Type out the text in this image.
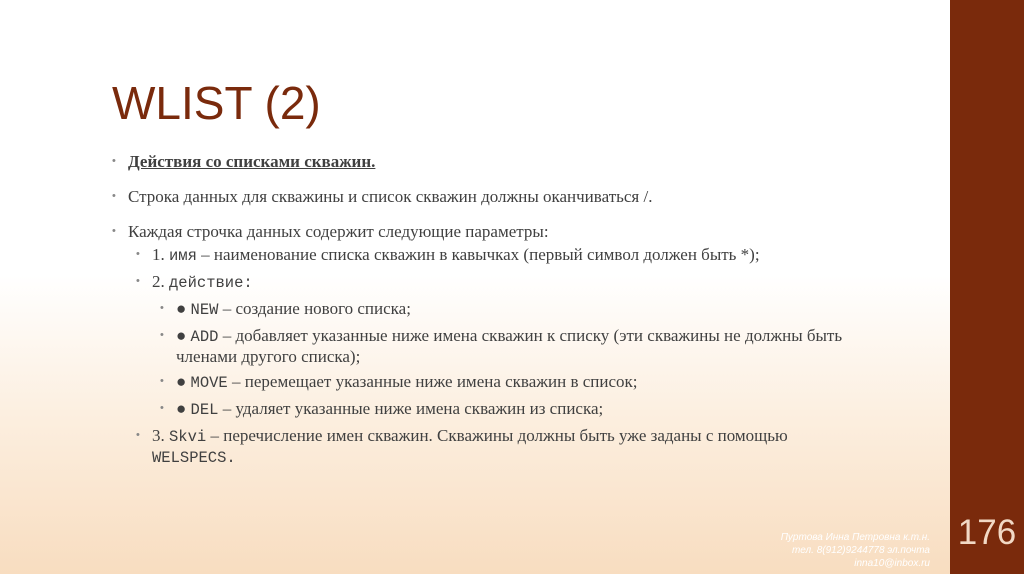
176
WLIST (2)
• Действия со списками скважин.
• Строка данных для скважины и список скважин должны оканчиваться /.
• Каждая строчка данных содержит следующие параметры:
• 1. имя – наименование списка скважин в кавычках (первый символ должен быть *);
• 2. действие:
• ● NEW – создание нового списка;
• ● ADD – добавляет указанные ниже имена скважин к списку (эти скважины не должны быть членами другого списка);
• ● MOVE – перемещает указанные ниже имена скважин в список;
• ● DEL – удаляет указанные ниже имена скважин из списка;
• 3. Skvi – перечисление имен скважин. Скважины должны быть уже заданы с помощью WELSPECS.
Пуртова Инна Петровна к.т.н.
тел. 8(912)9244778 эл.почта
inna10@inbox.ru
